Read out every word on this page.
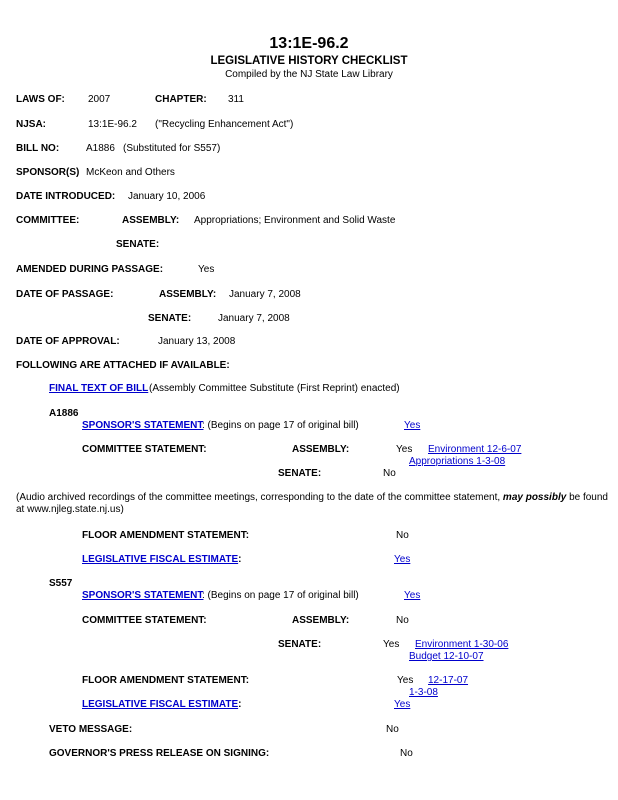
13:1E-96.2
LEGISLATIVE HISTORY CHECKLIST
Compiled by the NJ State Law Library
LAWS OF: 2007	CHAPTER: 311
NJSA:	13:1E-96.2 ("Recycling Enhancement Act")
BILL NO:	A1886 (Substituted for S557)
SPONSOR(S) McKeon and Others
DATE INTRODUCED: January 10, 2006
COMMITTEE:	ASSEMBLY: Appropriations; Environment and Solid Waste
SENATE:
AMENDED DURING PASSAGE:	Yes
DATE OF PASSAGE:	ASSEMBLY: January 7, 2008
SENATE:	January 7, 2008
DATE OF APPROVAL:	January 13, 2008
FOLLOWING ARE ATTACHED IF AVAILABLE:
FINAL TEXT OF BILL (Assembly Committee Substitute (First Reprint) enacted)
A1886
SPONSOR'S STATEMENT
: (Begins on page 17 of original bill)	Yes
COMMITTEE STATEMENT:	ASSEMBLY:	Yes Environment 12-6-07
Appropriations 1-3-08
SENATE:	No
(Audio archived recordings of the committee meetings, corresponding to the date of the committee statement, may possibly be found
at www.njleg.state.nj.us)
FLOOR AMENDMENT STATEMENT:	No
LEGISLATIVE FISCAL ESTIMATE:	Yes
S557
SPONSOR'S STATEMENT
: (Begins on page 17 of original bill)	Yes
COMMITTEE STATEMENT:	ASSEMBLY:	No
SENATE:	Yes Environment 1-30-06
Budget 12-10-07
FLOOR AMENDMENT STATEMENT:	Yes 12-17-07
1-3-08
LEGISLATIVE FISCAL ESTIMATE:	Yes
VETO MESSAGE:	No
GOVERNOR'S PRESS RELEASE ON SIGNING:	No
